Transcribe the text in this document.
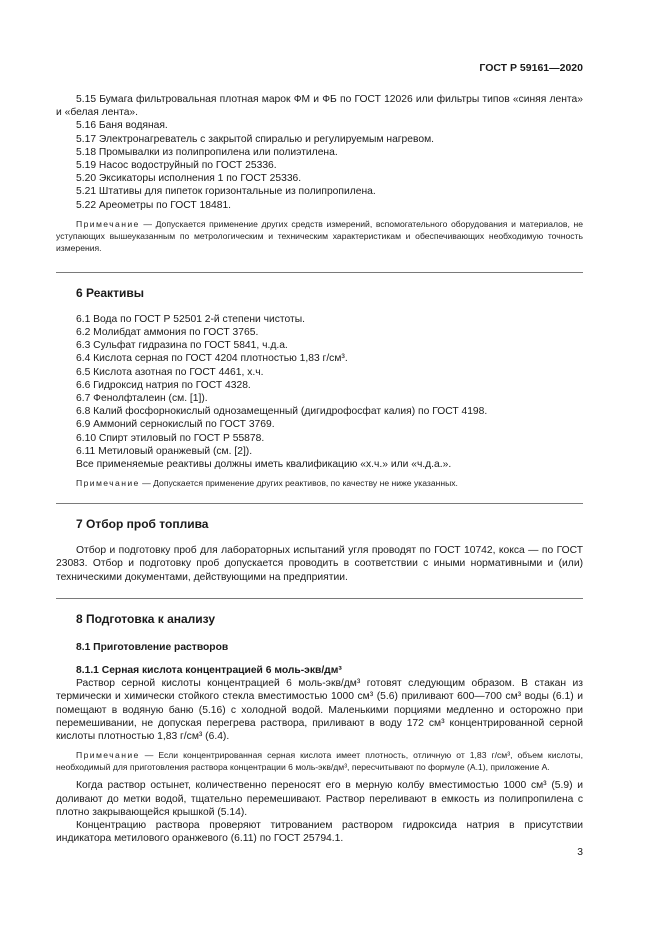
ГОСТ Р 59161—2020

5.15 Бумага фильтровальная плотная марок ФМ и ФБ по ГОСТ 12026 или фильтры типов «синяя лента» и «белая лента».

5.16 Баня водяная.

5.17 Электронагреватель с закрытой спиралью и регулируемым нагревом.

5.18 Промывалки из полипропилена или полиэтилена.

5.19 Насос водоструйный по ГОСТ 25336.

5.20 Эксикаторы исполнения 1 по ГОСТ 25336.

5.21 Штативы для пипеток горизонтальные из полипропилена.

5.22 Ареометры по ГОСТ 18481.

Примечание — Допускается применение других средств измерений, вспомогательного оборудования и материалов, не уступающих вышеуказанным по метрологическим и техническим характеристикам и обеспечивающих необходимую точность измерения.

6 Реактивы

6.1 Вода по ГОСТ Р 52501 2-й степени чистоты.

6.2 Молибдат аммония по ГОСТ 3765.

6.3 Сульфат гидразина по ГОСТ 5841, ч.д.а.

6.4 Кислота серная по ГОСТ 4204 плотностью 1,83 г/см³.

6.5 Кислота азотная по ГОСТ 4461, х.ч.

6.6 Гидроксид натрия по ГОСТ 4328.

6.7 Фенолфталеин (см. [1]).

6.8 Калий фосфорнокислый однозамещенный (дигидрофосфат калия) по ГОСТ 4198.

6.9 Аммоний сернокислый по ГОСТ 3769.

6.10 Спирт этиловый по ГОСТ Р 55878.

6.11 Метиловый оранжевый (см. [2]).

Все применяемые реактивы должны иметь квалификацию «х.ч.» или «ч.д.а.».

Примечание — Допускается применение других реактивов, по качеству не ниже указанных.

7 Отбор проб топлива

Отбор и подготовку проб для лабораторных испытаний угля проводят по ГОСТ 10742, кокса — по ГОСТ 23083. Отбор и подготовку проб допускается проводить в соответствии с иными нормативными и (или) техническими документами, действующими на предприятии.

8 Подготовка к анализу
8.1 Приготовление растворов
8.1.1 Серная кислота концентрацией 6 моль-экв/дм³

Раствор серной кислоты концентрацией 6 моль-экв/дм³ готовят следующим образом. В стакан из термически и химически стойкого стекла вместимостью 1000 см³ (5.6) приливают 600—700 см³ воды (6.1) и помещают в водяную баню (5.16) с холодной водой. Маленькими порциями медленно и осторожно при перемешивании, не допуская перегрева раствора, приливают в воду 172 см³ концентрированной серной кислоты плотностью 1,83 г/см³ (6.4).

Примечание — Если концентрированная серная кислота имеет плотность, отличную от 1,83 г/см³, объем кислоты, необходимый для приготовления раствора концентрации 6 моль-экв/дм³, пересчитывают по формуле (А.1), приложение А.

Когда раствор остынет, количественно переносят его в мерную колбу вместимостью 1000 см³ (5.9) и доливают до метки водой, тщательно перемешивают. Раствор переливают в емкость из полипропилена с плотно закрывающейся крышкой (5.14).

Концентрацию раствора проверяют титрованием раствором гидроксида натрия в присутствии индикатора метилового оранжевого (6.11) по ГОСТ 25794.1.

3
